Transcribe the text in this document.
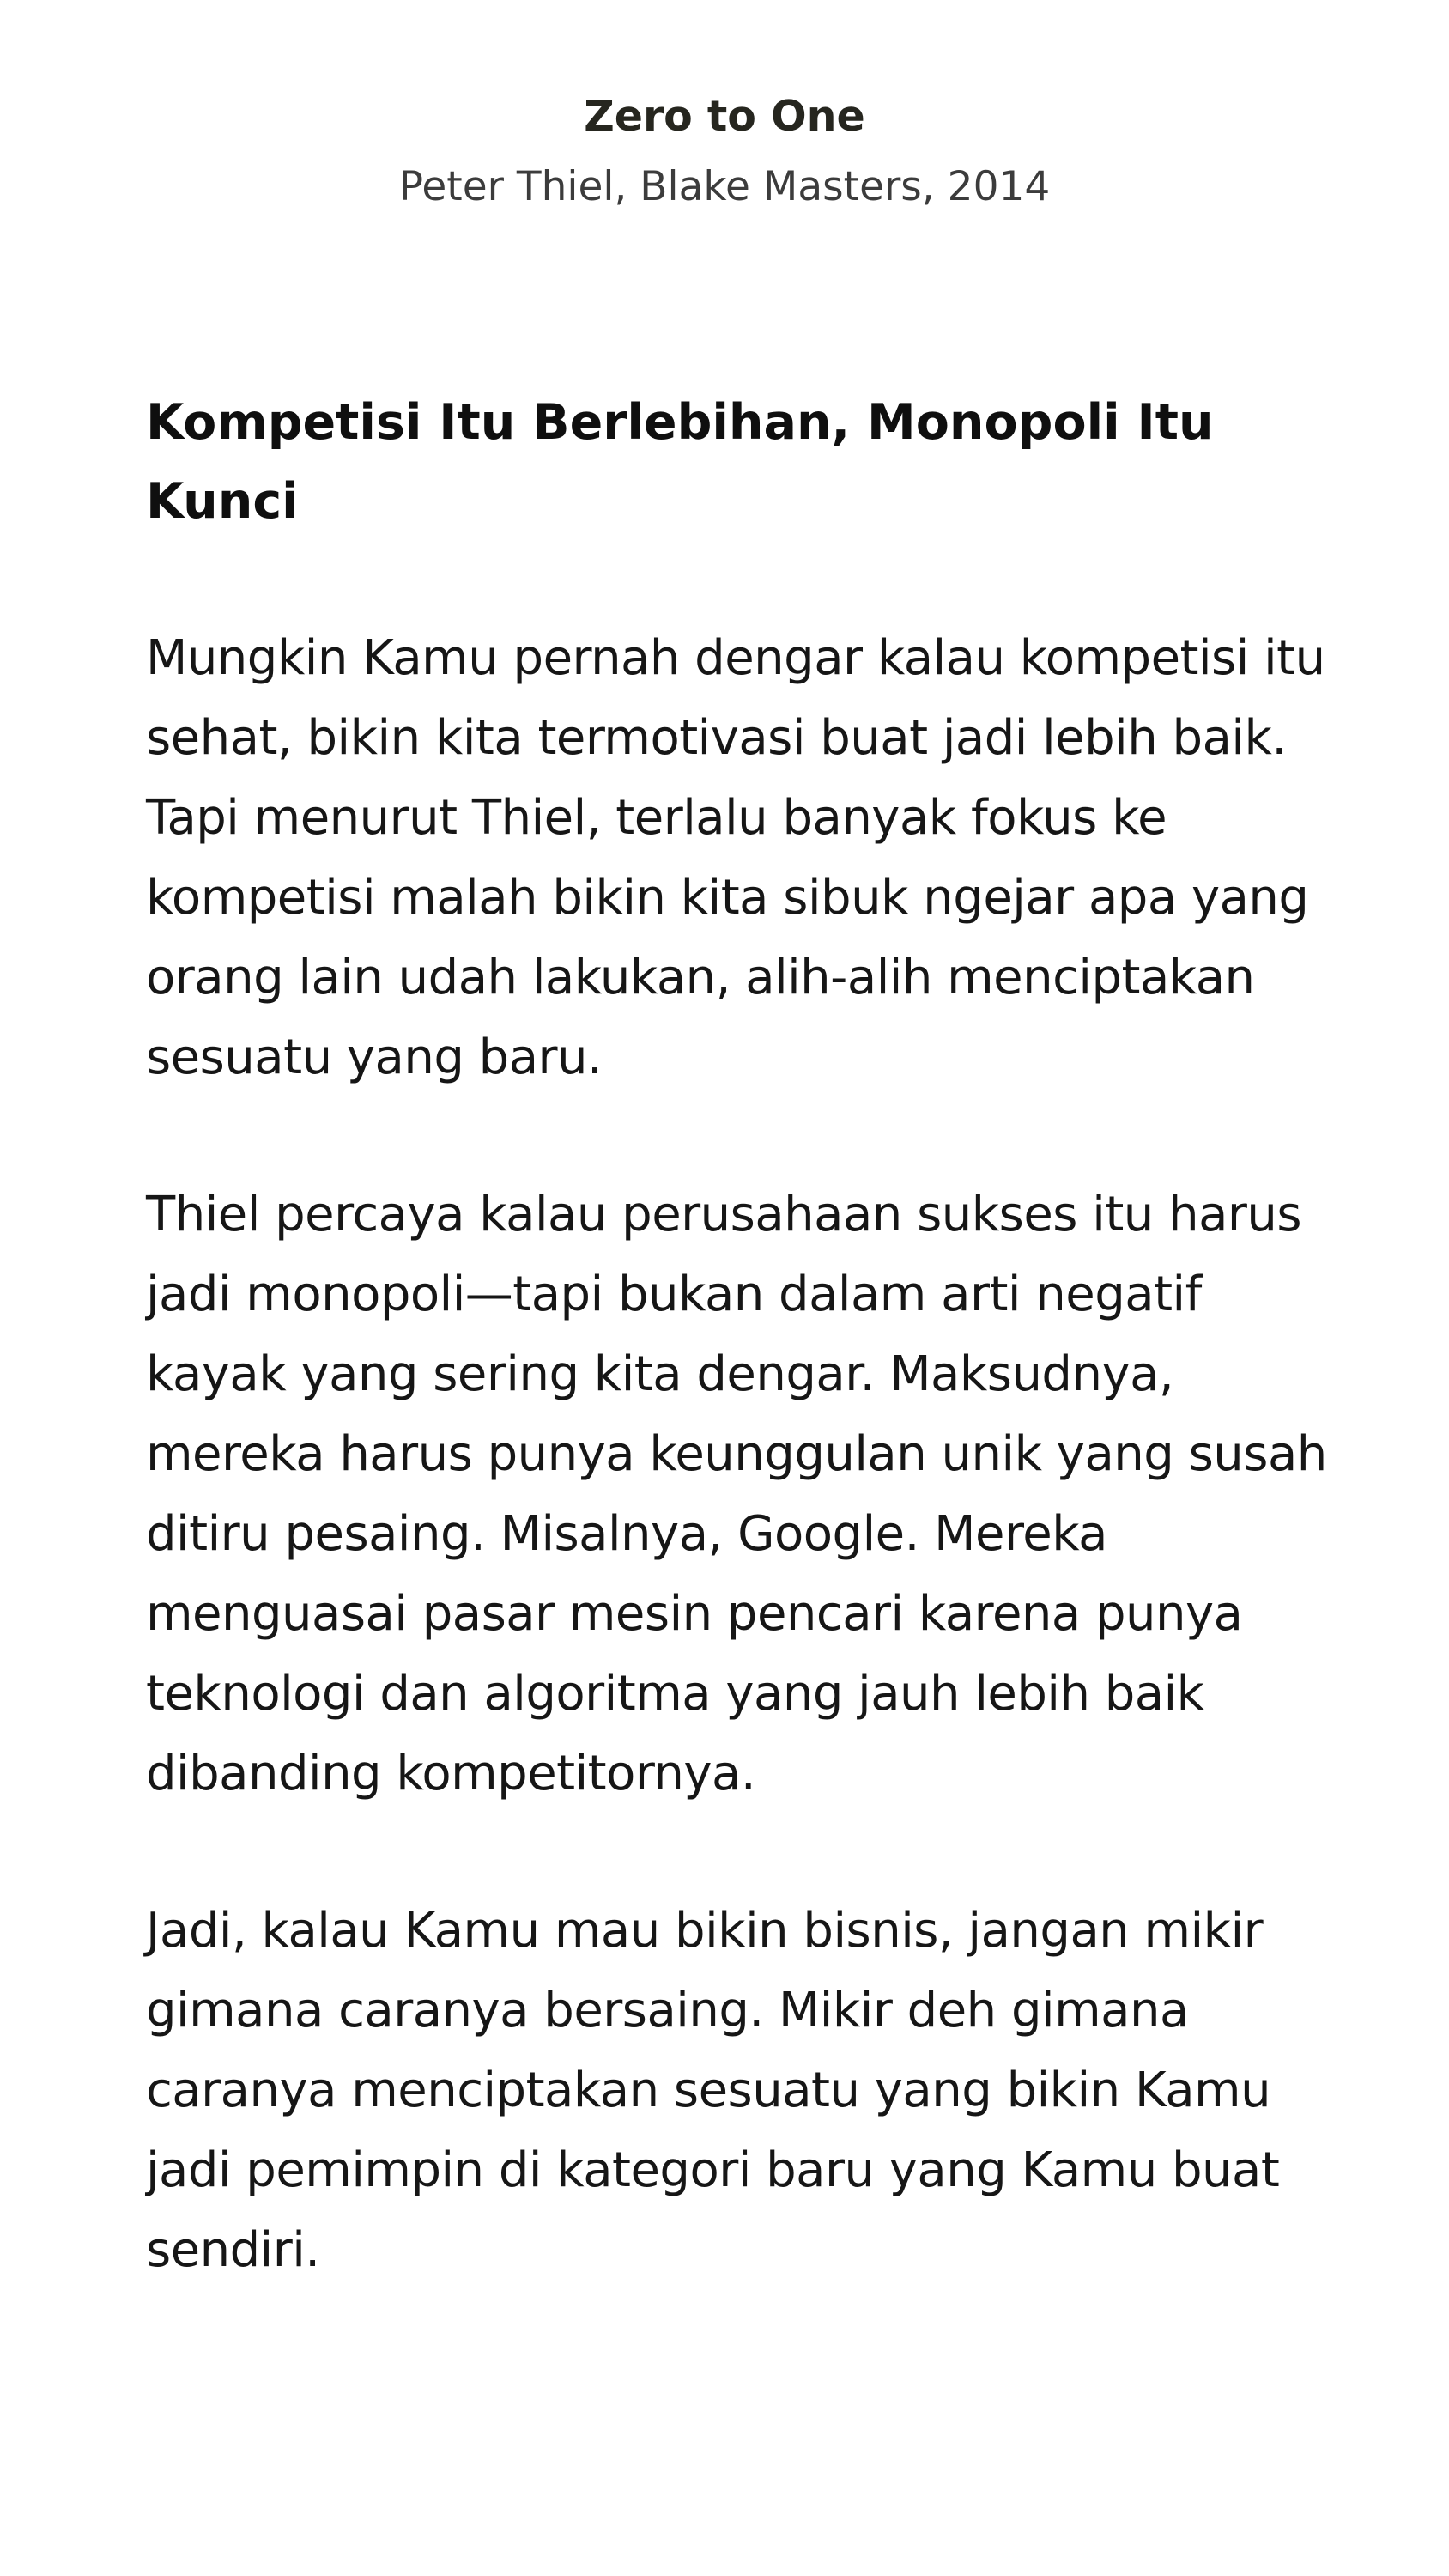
Zero to One

Peter Thiel, Blake Masters, 2014

Kompetisi Itu Berlebihan, Monopoli Itu Kunci

Mungkin Kamu pernah dengar kalau kompetisi itu sehat, bikin kita termotivasi buat jadi lebih baik. Tapi menurut Thiel, terlalu banyak fokus ke kompetisi malah bikin kita sibuk ngejar apa yang orang lain udah lakukan, alih-alih menciptakan sesuatu yang baru.

Thiel percaya kalau perusahaan sukses itu harus jadi monopoli—tapi bukan dalam arti negatif kayak yang sering kita dengar. Maksudnya, mereka harus punya keunggulan unik yang susah ditiru pesaing. Misalnya, Google. Mereka menguasai pasar mesin pencari karena punya teknologi dan algoritma yang jauh lebih baik dibanding kompetitornya.

Jadi, kalau Kamu mau bikin bisnis, jangan mikir gimana caranya bersaing. Mikir deh gimana caranya menciptakan sesuatu yang bikin Kamu jadi pemimpin di kategori baru yang Kamu buat sendiri.
